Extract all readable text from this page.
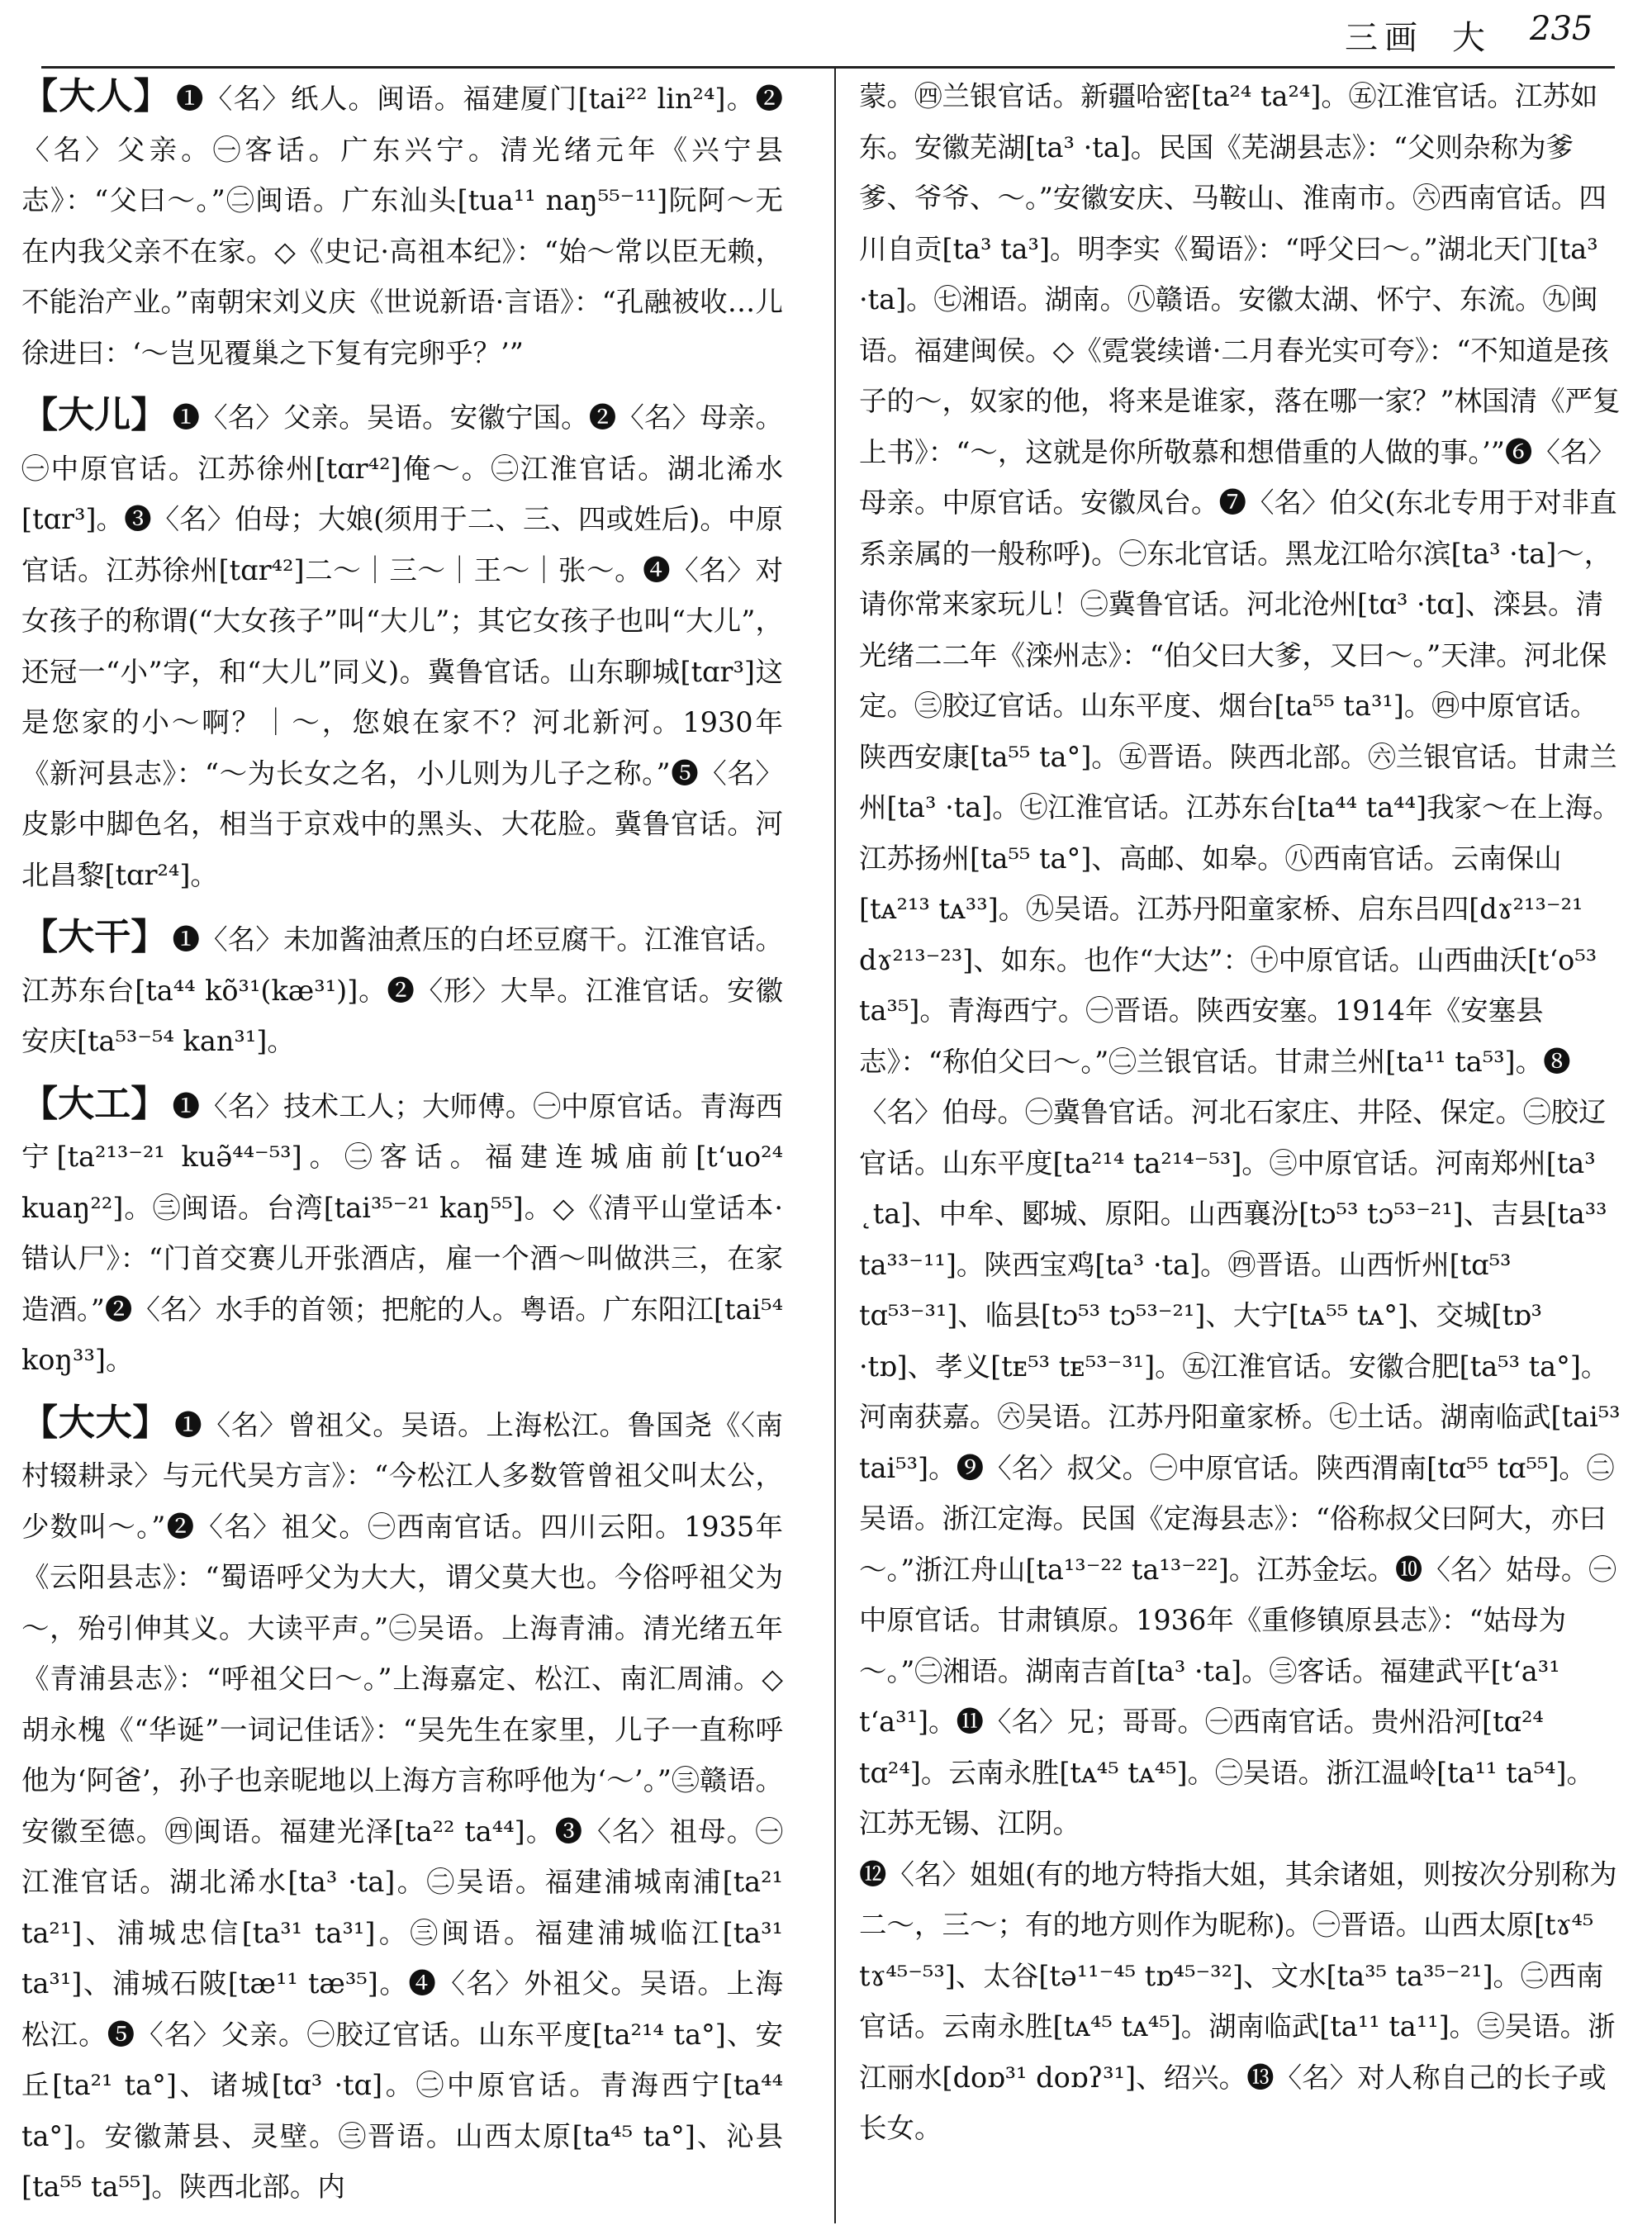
三画 大 235
【大人】 ❶〈名〉纸人。闽语。福建厦门[tai²² lin²⁴]。❷〈名〉父亲。㊀客话。广东兴宁。清光绪元年《兴宁县志》：“父曰～。”㊁闽语。广东汕头[tua¹¹ naŋ⁵⁵⁻¹¹]阮阿～无在内我父亲不在家。◇《史记·高祖本纪》：“始～常以臣无赖，不能治产业。”南朝宋刘义庆《世说新语·言语》：“孔融被收…儿徐进曰：‘～岂见覆巢之下复有完卵乎？’”
【大儿】 ❶〈名〉父亲。吴语。安徽宁国。❷〈名〉母亲。㊀中原官话。江苏徐州[tɑr⁴²]俺～。㊁江淮官话。湖北浠水[tɑr³]。❸〈名〉伯母；大娘(须用于二、三、四或姓后)。中原官话。江苏徐州[tɑr⁴²]二～｜三～｜王～｜张～。❹〈名〉对女孩子的称谓(“大女孩子”叫“大儿”；其它女孩子也叫“大儿”，还冠一“小”字，和“大儿”同义)。冀鲁官话。山东聊城[tɑr³]这是您家的小～啊？｜～，您娘在家不？河北新河。1930年《新河县志》：“～为长女之名，小儿则为儿子之称。”❺〈名〉皮影中脚色名，相当于京戏中的黑头、大花脸。冀鲁官话。河北昌黎[tɑr²⁴]。
【大干】 ❶〈名〉未加酱油煮压的白坯豆腐干。江淮官话。江苏东台[ta⁴⁴ kõ³¹(kæ³¹)]。❷〈形〉大旱。江淮官话。安徽安庆[ta⁵³⁻⁵⁴ kan³¹]。
【大工】 ❶〈名〉技术工人；大师傅。㊀中原官话。青海西宁[ta²¹³⁻²¹ kuə̃⁴⁴⁻⁵³]。㊁客话。福建连城庙前[tʻuo²⁴ kuaŋ²²]。㊂闽语。台湾[tai³⁵⁻²¹ kaŋ⁵⁵]。◇《清平山堂话本·错认尸》：“门首交赛儿开张酒店，雇一个酒～叫做洪三，在家造酒。”❷〈名〉水手的首领；把舵的人。粤语。广东阳江[tai⁵⁴ koŋ³³]。
【大大】 ❶〈名〉曾祖父。吴语。上海松江。鲁国尧《〈南村辍耕录〉与元代吴方言》：“今松江人多数管曾祖父叫太公，少数叫～。”❷〈名〉祖父。㊀西南官话。四川云阳。1935年《云阳县志》：“蜀语呼父为大大，谓父莫大也。今俗呼祖父为～，殆引伸其义。大读平声。”㊁吴语。上海青浦。清光绪五年《青浦县志》：“呼祖父曰～。”上海嘉定、松江、南汇周浦。◇胡永槐《“华诞”一词记佳话》：“吴先生在家里，儿子一直称呼他为‘阿爸’，孙子也亲昵地以上海方言称呼他为‘～’。”㊂赣语。安徽至德。㊃闽语。福建光泽[ta²² ta⁴⁴]。❸〈名〉祖母。㊀江淮官话。湖北浠水[ta³ ·ta]。㊁吴语。福建浦城南浦[ta²¹ ta²¹]、浦城忠信[ta³¹ ta³¹]。㊂闽语。福建浦城临江[ta³¹ ta³¹]、浦城石陂[tæ¹¹ tæ³⁵]。❹〈名〉外祖父。吴语。上海松江。❺〈名〉父亲。㊀胶辽官话。山东平度[ta²¹⁴ ta°]、安丘[ta²¹ ta°]、诸城[tɑ³ ·tɑ]。㊁中原官话。青海西宁[ta⁴⁴ ta°]。安徽萧县、灵壁。㊂晋语。山西太原[ta⁴⁵ ta°]、沁县[ta⁵⁵ ta⁵⁵]。陕西北部。内

蒙。㊃兰银官话。新疆哈密[ta²⁴ ta²⁴]。㊄江淮官话。江苏如东。安徽芜湖[ta³ ·ta]。民国《芜湖县志》：“父则杂称为爹爹、爷爷、～。”安徽安庆、马鞍山、淮南市。㊅西南官话。四川自贡[ta³ ta³]。明李实《蜀语》：“呼父曰～。”湖北天门[ta³ ·ta]。㊆湘语。湖南。㊇赣语。安徽太湖、怀宁、东流。㊈闽语。福建闽侯。◇《霓裳续谱·二月春光实可夸》：“不知道是孩子的～，奴家的他，将来是谁家，落在哪一家？”林国清《严复上书》：“～，这就是你所敬慕和想借重的人做的事。’”❻〈名〉母亲。中原官话。安徽凤台。❼〈名〉伯父(东北专用于对非直系亲属的一般称呼)。㊀东北官话。黑龙江哈尔滨[ta³ ·ta]～，请你常来家玩儿！㊁冀鲁官话。河北沧州[tɑ³ ·tɑ]、滦县。清光绪二二年《滦州志》：“伯父曰大爹，又曰～。”天津。河北保定。㊂胶辽官话。山东平度、烟台[ta⁵⁵ ta³¹]。㊃中原官话。陕西安康[ta⁵⁵ ta°]。㊄晋语。陕西北部。㊅兰银官话。甘肃兰州[ta³ ·ta]。㊆江淮官话。江苏东台[ta⁴⁴ ta⁴⁴]我家～在上海。江苏扬州[ta⁵⁵ ta°]、高邮、如皋。㊇西南官话。云南保山[tᴀ²¹³ tᴀ³³]。㊈吴语。江苏丹阳童家桥、启东吕四[dɤ²¹³⁻²¹ dɤ²¹³⁻²³]、如东。也作“大达”：㊉中原官话。山西曲沃[tʻo⁵³ ta³⁵]。青海西宁。㊀晋语。陕西安塞。1914年《安塞县志》：“称伯父曰～。”㊁兰银官话。甘肃兰州[ta¹¹ ta⁵³]。❽〈名〉伯母。㊀冀鲁官话。河北石家庄、井陉、保定。㊁胶辽官话。山东平度[ta²¹⁴ ta²¹⁴⁻⁵³]。㊂中原官话。河南郑州[ta³ ˛ta]、中牟、郾城、原阳。山西襄汾[tɔ⁵³ tɔ⁵³⁻²¹]、吉县[ta³³ ta³³⁻¹¹]。陕西宝鸡[ta³ ·ta]。㊃晋语。山西忻州[tɑ⁵³ tɑ⁵³⁻³¹]、临县[tɔ⁵³ tɔ⁵³⁻²¹]、大宁[tᴀ⁵⁵ tᴀ°]、交城[tɒ³ ·tɒ]、孝义[tᴇ⁵³ tᴇ⁵³⁻³¹]。㊄江淮官话。安徽合肥[ta⁵³ ta°]。河南获嘉。㊅吴语。江苏丹阳童家桥。㊆土话。湖南临武[tai⁵³ tai⁵³]。❾〈名〉叔父。㊀中原官话。陕西渭南[tɑ⁵⁵ tɑ⁵⁵]。㊁吴语。浙江定海。民国《定海县志》：“俗称叔父曰阿大，亦曰～。”浙江舟山[ta¹³⁻²² ta¹³⁻²²]。江苏金坛。❿〈名〉姑母。㊀中原官话。甘肃镇原。1936年《重修镇原县志》：“姑母为～。”㊁湘语。湖南吉首[ta³ ·ta]。㊂客话。福建武平[tʻa³¹ tʻa³¹]。⓫〈名〉兄；哥哥。㊀西南官话。贵州沿河[tɑ²⁴ tɑ²⁴]。云南永胜[tᴀ⁴⁵ tᴀ⁴⁵]。㊁吴语。浙江温岭[ta¹¹ ta⁵⁴]。江苏无锡、江阴。

⓬〈名〉姐姐(有的地方特指大姐，其余诸姐，则按次分别称为二～，三～；有的地方则作为昵称)。㊀晋语。山西太原[tɤ⁴⁵ tɤ⁴⁵⁻⁵³]、太谷[tə¹¹⁻⁴⁵ tɒ⁴⁵⁻³²]、文水[ta³⁵ ta³⁵⁻²¹]。㊁西南官话。云南永胜[tᴀ⁴⁵ tᴀ⁴⁵]。湖南临武[ta¹¹ ta¹¹]。㊂吴语。浙江丽水[doɒ³¹ doɒʔ³¹]、绍兴。⓭〈名〉对人称自己的长子或长女。
